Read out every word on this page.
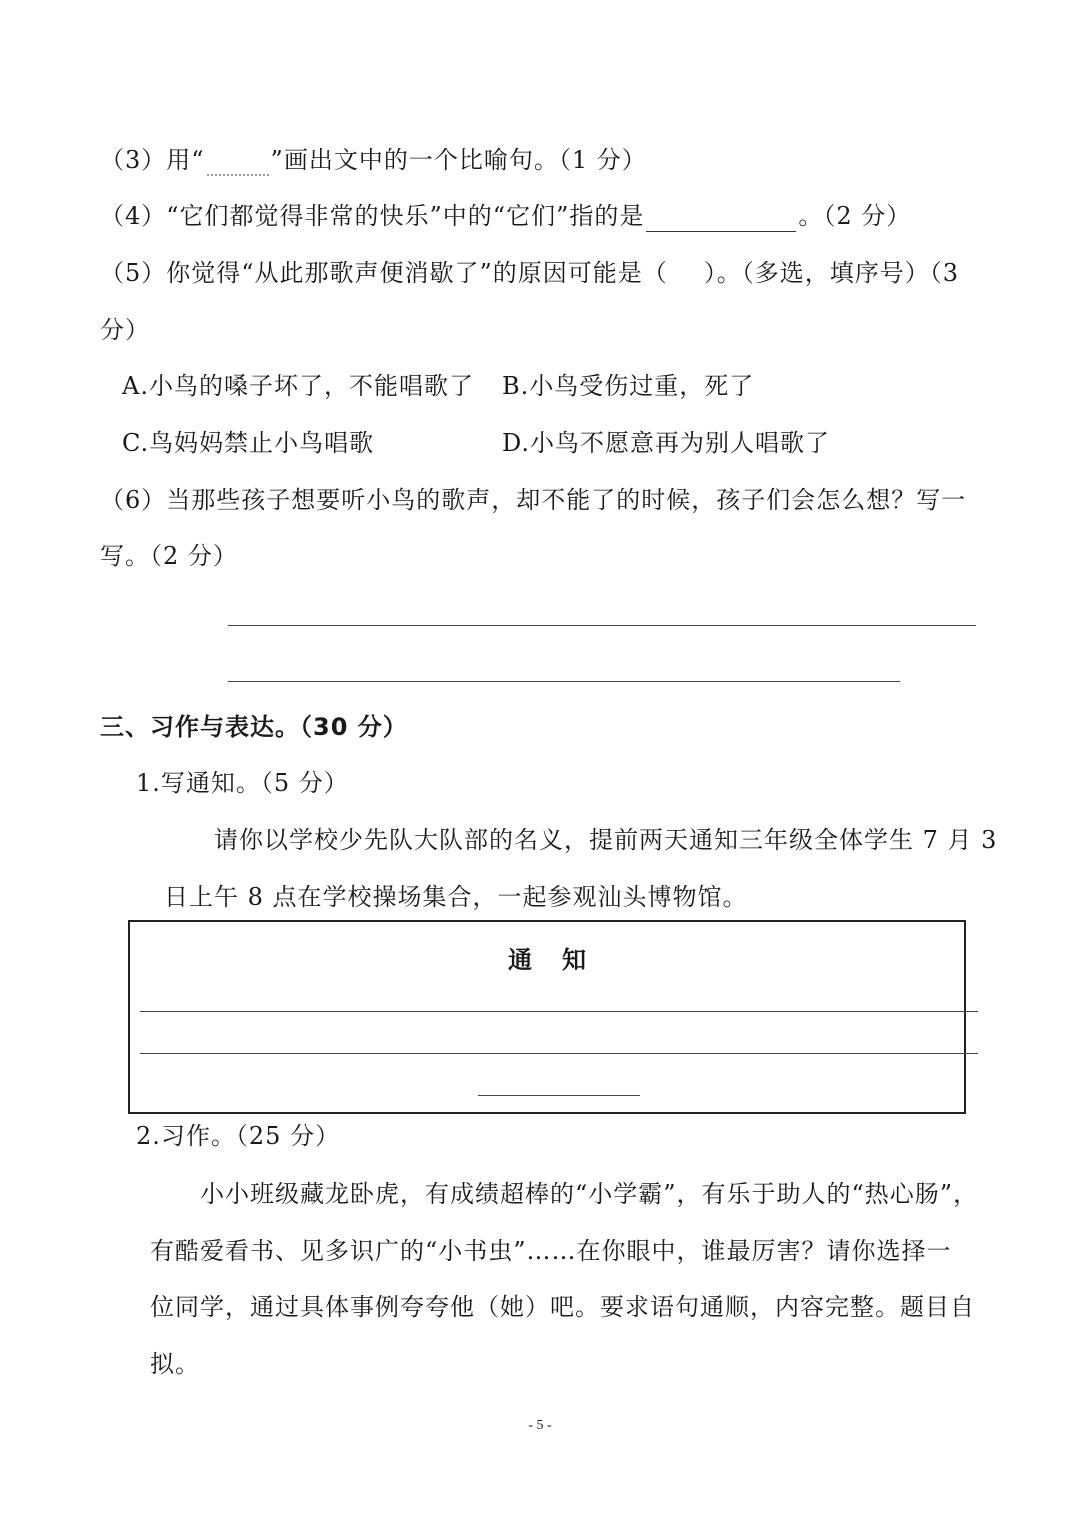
（3）用“	”画出文中的一个比喻句。（1 分）
（4）“它们都觉得非常的快乐”中的“它们”指的是	。（2 分）
（5）你觉得“从此那歌声便消歇了”的原因可能是（ ）。（多选，填序号）（3
分）
A.小鸟的嗓子坏了，不能唱歌了 B.小鸟受伤过重，死了
C.鸟妈妈禁止小鸟唱歌	D.小鸟不愿意再为别人唱歌了
（6）当那些孩子想要听小鸟的歌声，却不能了的时候，孩子们会怎么想？写一
写。（2 分）
三、习作与表达。（30 分）
1.写通知。（5 分）
请你以学校少先队大队部的名义，提前两天通知三年级全体学生 7 月 3
日上午 8 点在学校操场集合，一起参观汕头博物馆。
通知
2.习作。（25 分）
小小班级藏龙卧虎，有成绩超棒的“小学霸”，有乐于助人的“热心肠”，
有酷爱看书、见多识广的“小书虫”……在你眼中，谁最厉害？请你选择一
位同学，通过具体事例夸夸他（她）吧。要求语句通顺，内容完整。题目自
拟。
- 5 -
